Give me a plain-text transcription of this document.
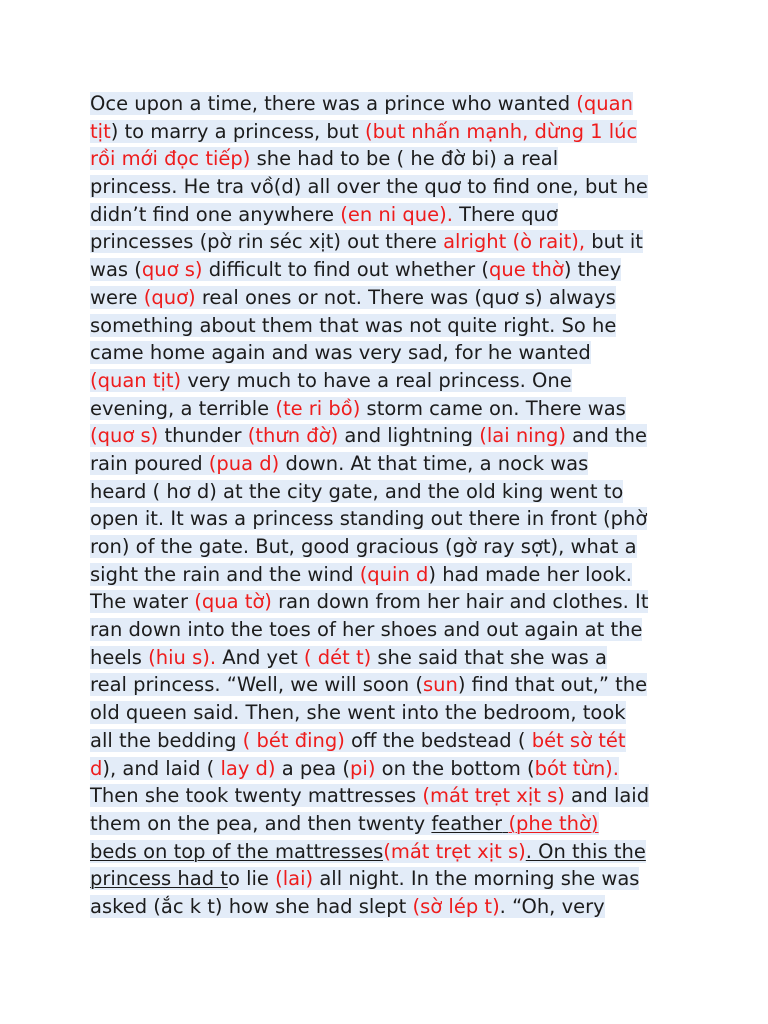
Oce upon a time, there was a prince who wanted (quan
tịt) to marry a princess, but (but nhấn mạnh, dừng 1 lúc
rồi mới đọc tiếp) she had to be ( he đờ bi) a real
princess. He tra vồ(d) all over the quơ to find one, but he
didn’t find one anywhere (en ni que). There quơ
princesses (pờ rin séc xịt) out there alright (ò rait), but it
was (quơ s) difficult to find out whether (que thờ) they
were (quơ) real ones or not. There was (quơ s) always
something about them that was not quite right. So he
came home again and was very sad, for he wanted
(quan tịt) very much to have a real princess. One
evening, a terrible (te ri bồ) storm came on. There was
(quơ s) thunder (thưn đờ) and lightning (lai ning) and the
rain poured (pua d) down. At that time, a nock was
heard ( hơ d) at the city gate, and the old king went to
open it. It was a princess standing out there in front (phờ
ron) of the gate. But, good gracious (gờ ray sợt), what a
sight the rain and the wind (quin d) had made her look.
The water (qua tờ) ran down from her hair and clothes. It
ran down into the toes of her shoes and out again at the
heels (hiu s). And yet ( dét t) she said that she was a
real princess. “Well, we will soon (sun) find that out,” the
old queen said. Then, she went into the bedroom, took
all the bedding ( bét đing) off the bedstead ( bét sờ tét
d), and laid ( lay d) a pea (pi) on the bottom (bót từn).
Then she took twenty mattresses (mát trẹt xịt s) and laid
them on the pea, and then twenty feather (phe thờ)
beds on top of the mattresses(mát trẹt xịt s). On this the
princess had to lie (lai) all night. In the morning she was
asked (ắc k t) how she had slept (sờ lép t). “Oh, very
